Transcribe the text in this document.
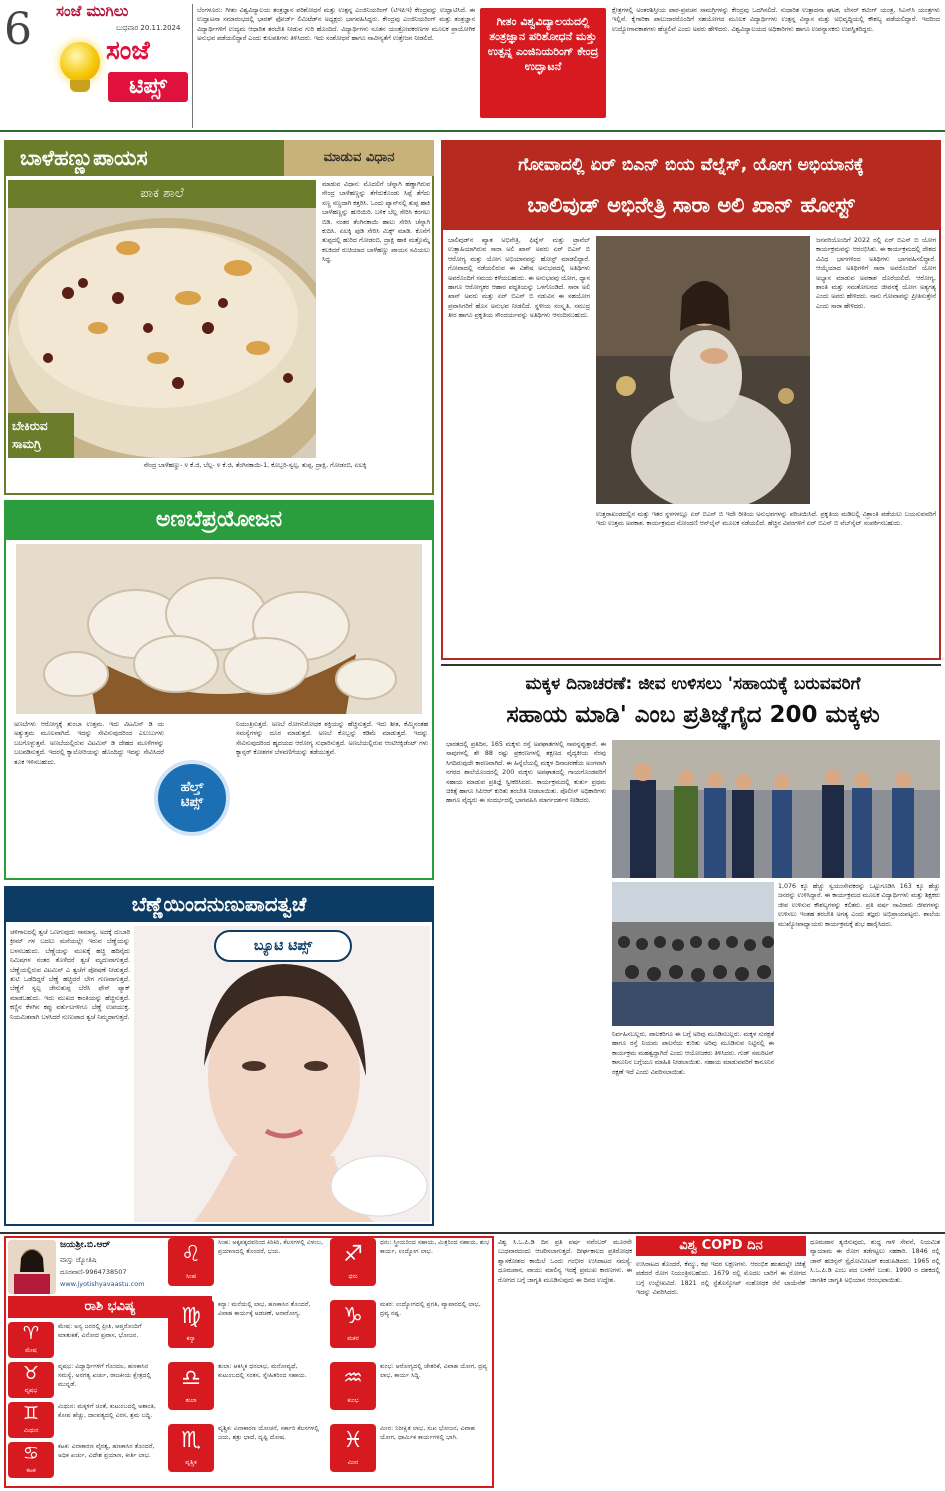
6 ಸಂಜೆ ಮುಗಿಲು
ಬುಧವಾರ 20.11.2024
ಸಂಜೆ
ಟಿಪ್ಸ್
ಬೆಂಗಳೂರು: ಗೀತಂ ವಿಶ್ವವಿದ್ಯಾಲಯ ತಂತ್ರಜ್ಞಾನ ಪರಿಶೋಧನೆ ಮತ್ತು ಉತ್ಪನ್ನ ಎಂಜಿನಿಯರಿಂಗ್ (ಟಿಇಪಿಇ) ಕೇಂದ್ರವನ್ನು ಉದ್ಘಾಟಿಸಿದೆ. ಈ ಉದ್ಘಾಟನಾ ಸಮಾರಂಭದಲ್ಲಿ ಭಾರತ್ ಫೋರ್ಜ್ ಲಿಮಿಟೆಡ್‌ನ ಅಧ್ಯಕ್ಷರು ಭಾಗವಹಿಸಿದ್ದರು. ಕೇಂದ್ರವು ಎಂಜಿನಿಯರಿಂಗ್ ಮತ್ತು ತಂತ್ರಜ್ಞಾನ ವಿದ್ಯಾರ್ಥಿಗಳಿಗೆ ಉದ್ಯಮ ಆಧಾರಿತ ತರಬೇತಿ ನೀಡುವ ಗುರಿ ಹೊಂದಿದೆ. ವಿದ್ಯಾರ್ಥಿಗಳು ನೂತನ ಯಂತ್ರೋಪಕರಣಗಳ ಮೂಲಕ ಪ್ರಾಯೋಗಿಕ ಅನುಭವ ಪಡೆಯಲಿದ್ದಾರೆ ಎಂದು ಕುಲಪತಿಗಳು ತಿಳಿಸಿದರು. ಇದು ಸಂಶೋಧನೆ ಹಾಗೂ ನಾವೀನ್ಯತೆಗೆ ಉತ್ತೇಜನ ನೀಡಲಿದೆ.
ಗೀತಂ ವಿಶ್ವವಿದ್ಯಾಲಯದಲ್ಲಿ ತಂತ್ರಜ್ಞಾನ ಪರಿಶೋಧನೆ ಮತ್ತು ಉತ್ಪನ್ನ ಎಂಜಿನಿಯರಿಂಗ್ ಕೇಂದ್ರ ಉದ್ಘಾಟನೆ
ಕ್ಷೇತ್ರಗಳಲ್ಲಿ ಅಂತರಶಿಸ್ತೀಯ ಪಾಠ-ಪ್ರವಚನ ಸಾಮಗ್ರಿಗಳನ್ನು ಕೇಂದ್ರವು ಒದಗಿಸಲಿದೆ. ಸುಧಾರಿತ ಉತ್ಪಾದನಾ ಘಟಕ, ಲೇಸರ್ ಕಟಿಂಗ್ ಯಂತ್ರ, ಸಿಎನ್‌ಸಿ ಯಂತ್ರಗಳು ಇಲ್ಲಿವೆ. ಕೈಗಾರಿಕಾ ಪಾಲುದಾರರೊಂದಿಗೆ ಸಹಯೋಗದ ಮೂಲಕ ವಿದ್ಯಾರ್ಥಿಗಳು ಉತ್ಪನ್ನ ವಿನ್ಯಾಸ ಮತ್ತು ಅಭಿವೃದ್ಧಿಯಲ್ಲಿ ಕೌಶಲ್ಯ ಪಡೆಯಲಿದ್ದಾರೆ. ಇದರಿಂದ ಉದ್ಯೋಗಾವಕಾಶಗಳು ಹೆಚ್ಚಲಿವೆ ಎಂದು ಅವರು ಹೇಳಿದರು. ವಿಶ್ವವಿದ್ಯಾಲಯದ ಅಧಿಕಾರಿಗಳು ಹಾಗೂ ಉಪನ್ಯಾಸಕರು ಉಪಸ್ಥಿತರಿದ್ದರು.
ಬಾಳೆಹಣ್ಣುಪಾಯಸ	ಮಾಡುವ ವಿಧಾನ
ಪಾಕ ಶಾಲೆ
ಬೇಕಿರುವ ಸಾಮಗ್ರಿ
ಮಾಡುವ ವಿಧಾನ: ಮೊದಲಿಗೆ ಚೆನ್ನಾಗಿ ಹಣ್ಣಾಗಿರುವ ನೇಂದ್ರ ಬಾಳೆಹಣ್ಣನ್ನು ತೆಗೆದುಕೊಂಡು ಸಿಪ್ಪೆ ತೆಗೆದು ಸಣ್ಣ ಸಣ್ಣದಾಗಿ ಕತ್ತರಿಸಿ. ಒಂದು ಪ್ಯಾನ್‌ನಲ್ಲಿ ತುಪ್ಪ ಹಾಕಿ ಬಾಳೆಹಣ್ಣನ್ನು ಹುರಿಯಿರಿ. ಬಳಿಕ ಬೆಲ್ಲ ಸೇರಿಸಿ ಕರಗಲು ಬಿಡಿ. ನಂತರ ತೆಂಗಿನಕಾಯಿ ಹಾಲು ಸೇರಿಸಿ ಚೆನ್ನಾಗಿ ಕುದಿಸಿ. ಏಲಕ್ಕಿ ಪುಡಿ ಸೇರಿಸಿ ಮಿಕ್ಸ್ ಮಾಡಿ. ಕೊನೆಗೆ ತುಪ್ಪದಲ್ಲಿ ಹುರಿದ ಗೋಡಂಬಿ, ದ್ರಾಕ್ಷಿ ಹಾಕಿ ಮತ್ತೊಮ್ಮೆ ಕಲಕಿದರೆ ರುಚಿಯಾದ ಬಾಳೆಹಣ್ಣು ಪಾಯಸ ಸವಿಯಲು ಸಿದ್ಧ.
ನೇಂದ್ರ ಬಾಳೆಹಣ್ಣು- ೪ ಕೆ.ಜಿ, ಬೆಲ್ಲ- ೪ ಕೆ.ಜಿ, ತೆಂಗಿನಕಾಯಿ-1, ಕೊಬ್ಬರಿ-ಸ್ವಲ್ಪ, ತುಪ್ಪ, ದ್ರಾಕ್ಷಿ, ಗೋಡಂಬಿ, ಏಲಕ್ಕಿ
ಗೋವಾದಲ್ಲಿ ಏರ್ ಬಿಎನ್ ಬಿಯ ವೆಲ್ನೆಸ್, ಯೋಗ ಅಭಿಯಾನಕ್ಕೆ
ಬಾಲಿವುಡ್ ಅಭಿನೇತ್ರಿ ಸಾರಾ ಅಲಿ ಖಾನ್ ಹೋಸ್ಟ್
ಬಾಲಿವುಡ್‌ನ ಖ್ಯಾತ ಅಭಿನೇತ್ರಿ, ಫಿಟ್ನೆಸ್ ಮತ್ತು ಟ್ರಾವೆಲ್ ಉತ್ಸಾಹಿಯಾಗಿರುವ ಸಾರಾ ಅಲಿ ಖಾನ್ ಅವರು ಏರ್ ಬಿಎನ್ ಬಿ ಆರೋಗ್ಯ ಮತ್ತು ಯೋಗ ಅಭಿಯಾನವನ್ನು ಹೋಸ್ಟ್ ಮಾಡಲಿದ್ದಾರೆ. ಗೋವಾದಲ್ಲಿ ನಡೆಯಲಿರುವ ಈ ವಿಶೇಷ ಅನುಭವದಲ್ಲಿ ಅತಿಥಿಗಳು ಅವರೊಂದಿಗೆ ಸಮಯ ಕಳೆಯಬಹುದು. ಈ ಅನುಭವವು ಯೋಗ, ಧ್ಯಾನ ಹಾಗೂ ಆರೋಗ್ಯಕರ ಆಹಾರ ಪದ್ಧತಿಯನ್ನು ಒಳಗೊಂಡಿದೆ. ಸಾರಾ ಅಲಿ ಖಾನ್ ಅವರು ಮತ್ತು ಏರ್ ಬಿಎನ್ ಬಿ ನಡುವಿನ ಈ ಸಹಯೋಗ ಪ್ರವಾಸಿಗರಿಗೆ ಹೊಸ ಅನುಭವ ನೀಡಲಿದೆ. ಸ್ಥಳೀಯ ಸಂಸ್ಕೃತಿ, ಸಮುದ್ರ ತೀರ ಹಾಗೂ ಪ್ರಕೃತಿಯ ಸೌಂದರ್ಯವನ್ನು ಅತಿಥಿಗಳು ಆನಂದಿಸಬಹುದು.
ಜನವರಿಯೊಂದಿಗೆ 2022 ರಲ್ಲಿ ಏರ್ ಬಿಎನ್ ಬಿ ಯೋಗ ಕಾರ್ಯಕ್ರಮವನ್ನು ಆರಂಭಿಸಿತು. ಈ ಕಾರ್ಯಕ್ರಮದಲ್ಲಿ ದೇಶದ ವಿವಿಧ ಭಾಗಗಳಿಂದ ಅತಿಥಿಗಳು ಭಾಗವಹಿಸಲಿದ್ದಾರೆ. ಆಯ್ಕೆಯಾದ ಅತಿಥಿಗಳಿಗೆ ಸಾರಾ ಅವರೊಂದಿಗೆ ಯೋಗ ಅಭ್ಯಾಸ ಮಾಡುವ ಅವಕಾಶ ದೊರೆಯಲಿದೆ. ಆರೋಗ್ಯ, ಶಾಂತಿ ಮತ್ತು ಸಮತೋಲನದ ಜೀವನಕ್ಕೆ ಯೋಗ ಅತ್ಯಗತ್ಯ ಎಂದು ಅವರು ಹೇಳಿದರು. ನಾನು ಗೋವಾವನ್ನು ಪ್ರೀತಿಸುತ್ತೇನೆ ಎಂದು ಸಾರಾ ಹೇಳಿದರು.
ಉತ್ತರಾಖಂಡದಲ್ಲಿನ ಮತ್ತು ಇತರ ಸ್ಥಳಗಳಲ್ಲೂ ಏರ್ ಬಿಎನ್ ಬಿ ಇದೇ ರೀತಿಯ ಅನುಭವಗಳನ್ನು ಪರಿಚಯಿಸಿದೆ. ಪ್ರಕೃತಿಯ ಮಡಿಲಲ್ಲಿ ವಿಶ್ರಾಂತಿ ಪಡೆಯಲು ಬಯಸುವವರಿಗೆ ಇದು ಉತ್ತಮ ಅವಕಾಶ. ಕಾರ್ಯಕ್ರಮದ ನೋಂದಣಿ ಆನ್‌ಲೈನ್ ಮೂಲಕ ನಡೆಯಲಿದೆ. ಹೆಚ್ಚಿನ ವಿವರಗಳಿಗೆ ಏರ್ ಬಿಎನ್ ಬಿ ವೆಬ್‌ಸೈಟ್ ಸಂಪರ್ಕಿಸಬಹುದು.
ಅಣಬೆಪ್ರಯೋಜನ
ಅಣಬೆಗಳು ಆರೋಗ್ಯಕ್ಕೆ ತುಂಬಾ ಉತ್ತಮ. ಇದು ವಿಟಮಿನ್ ಡಿ ಯ ಅತ್ಯುತ್ತಮ ಮೂಲವಾಗಿದೆ. ಇದನ್ನು ಸೇವಿಸುವುದರಿಂದ ಎಲುಬುಗಳು ಬಲಗೊಳ್ಳುತ್ತವೆ. ಅಣಬೆಯಲ್ಲಿರುವ ವಿಟಮಿನ್ ಡಿ ದೇಹದ ಮೂಳೆಗಳನ್ನು ಬಲಪಡಿಸುತ್ತದೆ. ಇದರಲ್ಲಿ ಕ್ಯಾಲೋರಿಯನ್ನು ಹೊಂದಿದ್ದು ಇದನ್ನು ಸೇವಿಸಿದರೆ ತೂಕ ಇಳಿಸಬಹುದು.
ಹೆಲ್ತ್
ಟಿಪ್ಸ್
ನಿಯಂತ್ರಿಸುತ್ತದೆ. ಅಣಬೆ ರೋಗನಿರೋಧಕ ಶಕ್ತಿಯನ್ನು ಹೆಚ್ಚಿಸುತ್ತದೆ. ಇದು ಶೀತ, ಕೆಮ್ಮಿನಂತಹ ಸಮಸ್ಯೆಗಳನ್ನು ದೂರ ಮಾಡುತ್ತದೆ. ಅಣಬೆ ಕೊಬ್ಬನ್ನು ಕಡಿಮೆ ಮಾಡುತ್ತದೆ. ಇದನ್ನು ಸೇವಿಸುವುದರಿಂದ ಹೃದಯದ ಆರೋಗ್ಯ ಸುಧಾರಿಸುತ್ತದೆ. ಅಣಬೆಯಲ್ಲಿರುವ ಆಂಟಿಆಕ್ಸಿಡೆಂಟ್ ಗಳು ಕ್ಯಾನ್ಸರ್ ಕೋಶಗಳ ಬೆಳವಣಿಗೆಯನ್ನು ತಡೆಯುತ್ತವೆ.
ಬೆಣ್ಣೆಯಿಂದನುಣುಪಾದತ್ವಚೆ
ಚಳಿಗಾಲದಲ್ಲಿ ತ್ವಚೆ ಒಣಗುವುದು ಸಾಮಾನ್ಯ. ಅದಕ್ಕೆ ದುಬಾರಿ ಕ್ರೀಮ್ ಗಳ ಬದಲು ಮನೆಯಲ್ಲೇ ಇರುವ ಬೆಣ್ಣೆಯನ್ನು ಬಳಸಬಹುದು. ಬೆಣ್ಣೆಯನ್ನು ಮುಖಕ್ಕೆ ಹಚ್ಚಿ ಹದಿನೈದು ನಿಮಿಷಗಳ ನಂತರ ತೊಳೆದರೆ ತ್ವಚೆ ಮೃದುವಾಗುತ್ತದೆ. ಬೆಣ್ಣೆಯಲ್ಲಿರುವ ವಿಟಮಿನ್ ಎ ತ್ವಚೆಗೆ ಪೋಷಣೆ ನೀಡುತ್ತದೆ. ತುಟಿ ಒಡೆದಿದ್ದರೆ ಬೆಣ್ಣೆ ಹಚ್ಚಿದರೆ ಬೇಗ ಗುಣವಾಗುತ್ತದೆ. ಬೆಣ್ಣೆಗೆ ಸ್ವಲ್ಪ ಜೇನುತುಪ್ಪ ಬೆರೆಸಿ ಫೇಸ್ ಪ್ಯಾಕ್ ಮಾಡಬಹುದು. ಇದು ಮುಖದ ಕಾಂತಿಯನ್ನು ಹೆಚ್ಚಿಸುತ್ತದೆ. ಕಣ್ಣಿನ ಕೆಳಗಿನ ಕಪ್ಪು ವರ್ತುಲಗಳಿಗೂ ಬೆಣ್ಣೆ ಉಪಯುಕ್ತ. ನಿಯಮಿತವಾಗಿ ಬಳಸಿದರೆ ನುಣುಪಾದ ತ್ವಚೆ ನಿಮ್ಮದಾಗುತ್ತದೆ.
ಬ್ಯೂಟಿ ಟಿಪ್ಸ್
ಮಕ್ಕಳ ದಿನಾಚರಣೆ: ಜೀವ ಉಳಿಸಲು 'ಸಹಾಯಕ್ಕೆ ಬರುವವರಿಗೆ
ಸಹಾಯ ಮಾಡಿ' ಎಂಬ ಪ್ರತಿಜ್ಞೆಗೈದ 200 ಮಕ್ಕಳು
ಭಾರತದಲ್ಲಿ ಪ್ರತಿದಿನ, 165 ಮಕ್ಕಳು ರಸ್ತೆ ಅಪಘಾತಗಳಲ್ಲಿ ಸಾವನ್ನಪ್ಪುತ್ತಾರೆ. ಈ ಸಾವುಗಳಲ್ಲಿ ಶೇ 88 ರಷ್ಟು ಪ್ರಕರಣಗಳಲ್ಲಿ ತಕ್ಷಣದ ವೈದ್ಯಕೀಯ ನೆರವು ಸಿಗದಿರುವುದೇ ಕಾರಣವಾಗಿದೆ. ಈ ಹಿನ್ನೆಲೆಯಲ್ಲಿ ಮಕ್ಕಳ ದಿನಾಚರಣೆಯ ಅಂಗವಾಗಿ ನಗರದ ಶಾಲೆಯೊಂದರಲ್ಲಿ 200 ಮಕ್ಕಳು ಅಪಘಾತದಲ್ಲಿ ಗಾಯಗೊಂಡವರಿಗೆ ಸಹಾಯ ಮಾಡುವ ಪ್ರತಿಜ್ಞೆ ಸ್ವೀಕರಿಸಿದರು. ಕಾರ್ಯಕ್ರಮದಲ್ಲಿ ತುರ್ತು ಪ್ರಥಮ ಚಿಕಿತ್ಸೆ ಹಾಗೂ ಸಿಪಿಆರ್ ಕುರಿತು ತರಬೇತಿ ನೀಡಲಾಯಿತು. ಪೊಲೀಸ್ ಅಧಿಕಾರಿಗಳು ಹಾಗೂ ವೈದ್ಯರು ಈ ಸಂದರ್ಭದಲ್ಲಿ ಭಾಗವಹಿಸಿ ಮಾರ್ಗದರ್ಶನ ನೀಡಿದರು.
1,076 ಕ್ಕೂ ಹೆಚ್ಚು ಸ್ವಯಂಸೇವಕರನ್ನು ಒಟ್ಟುಗೂಡಿಸಿ 163 ಕ್ಕೂ ಹೆಚ್ಚು ಜನರನ್ನು ಉಳಿಸಿದ್ದಾರೆ. ಈ ಕಾರ್ಯಕ್ರಮದ ಮೂಲಕ ವಿದ್ಯಾರ್ಥಿಗಳು ಮತ್ತು ಶಿಕ್ಷಕರು ಜೀವ ಉಳಿಸುವ ಕೌಶಲ್ಯಗಳನ್ನು ಕಲಿತರು. ಪ್ರತಿ ವರ್ಷ ಸಾವಿರಾರು ಜೀವಗಳನ್ನು ಉಳಿಸಲು ಇಂತಹ ತರಬೇತಿ ಅಗತ್ಯ ಎಂದು ತಜ್ಞರು ಅಭಿಪ್ರಾಯಪಟ್ಟರು. ಶಾಲೆಯ ಮುಖ್ಯೋಪಾಧ್ಯಾಯರು ಕಾರ್ಯಕ್ರಮಕ್ಕೆ ಶುಭ ಹಾರೈಸಿದರು.
ನಿರ್ವಹಿಸಬಲ್ಲರು, ಪಾಲಕರಿಗೂ ಈ ಬಗ್ಗೆ ಅರಿವು ಮೂಡಿಸಬಲ್ಲರು. ಮಕ್ಕಳ ಸುರಕ್ಷತೆ ಹಾಗೂ ರಸ್ತೆ ನಿಯಮ ಪಾಲನೆಯ ಕುರಿತು ಅರಿವು ಮೂಡಿಸುವ ನಿಟ್ಟಿನಲ್ಲಿ ಈ ಕಾರ್ಯಕ್ರಮ ಮಹತ್ವದ್ದಾಗಿದೆ ಎಂದು ಆಯೋಜಕರು ತಿಳಿಸಿದರು. ಗುಡ್ ಸಮರಿಟನ್ ಕಾನೂನಿನ ಬಗ್ಗೆಯೂ ಮಾಹಿತಿ ನೀಡಲಾಯಿತು. ಸಹಾಯ ಮಾಡುವವರಿಗೆ ಕಾನೂನಿನ ರಕ್ಷಣೆ ಇದೆ ಎಂದು ವಿವರಿಸಲಾಯಿತು.
ಜಯಶ್ರೀ.ಬಿ.ಆರ್
ವಾಸ್ತು ಜ್ಯೋತಿಷಿ
ದೂರವಾಣಿ-9964738507
www.jyotishyavaastu.com
ರಾಶಿ ಭವಿಷ್ಯ
♈
ಮೇಷ
ಮೇಷ: ಅನ್ಯ ಜನರಲ್ಲಿ ಪ್ರೀತಿ, ಆಪ್ತರೊಂದಿಗೆ ಮಾತುಕತೆ, ವಿನೋದ ಪ್ರವಾಸ, ಭೋಜನ.
♉
ವೃಷಭ
ವೃಷಭ: ವಿದ್ಯಾರ್ಥಿಗಳಿಗೆ ಗೊಂದಲ, ಹಣಕಾಸಿನ ಸಮಸ್ಯೆ, ಅನಗತ್ಯ ಖರ್ಚು, ರಾಜಕೀಯ ಕ್ಷೇತ್ರದಲ್ಲಿ ಮುನ್ನಡೆ.
♊
ಮಿಥುನ
ಮಿಥುನ: ಮಕ್ಕಳಿಗೆ ಚಿಂತೆ, ಕುಟುಂಬದಲ್ಲಿ ಅಶಾಂತಿ, ಕೋಪ ಹೆಚ್ಚು, ದಾಂಪತ್ಯದಲ್ಲಿ ವಿರಸ, ಶ್ರಮ ಬದ್ಧಿ.
♋
ಕಟಕ
ಕಟಕ: ವಿನಾಕಾರಣ ವೈರತ್ವ, ಹಣಕಾಸಿನ ತೊಂದರೆ, ಅಧಿಕ ಖರ್ಚು, ವಿದೇಶ ಪ್ರಯಾಣ, ಕೀರ್ತಿ ಲಾಭ.
♌
ಸಿಂಹ
ಸಿಂಹ: ಅಕ್ಕಪಕ್ಕದವರಿಂದ ಕಿರಿಕಿರಿ, ಕೆಲಸಗಳಲ್ಲಿ ವಿಳಂಬ, ಪ್ರಯಾಣದಲ್ಲಿ ತೊಂದರೆ, ಭಯ.
♍
ಕನ್ಯಾ
ಕನ್ಯಾ: ಮನೆಯಲ್ಲಿ ಲಾಭ, ಹಣಕಾಸಿನ ತೊಂದರೆ, ವಿವಾಹ ಕಾರ್ಯಕ್ಕೆ ಅಡಚಣೆ, ಅನಾರೋಗ್ಯ.
♎
ತುಲಾ
ತುಲಾ: ಆಕಸ್ಮಿಕ ಧನಲಾಭ, ಮನೋವ್ಯಥೆ, ಕುಟುಂಬದಲ್ಲಿ ಸಂತಸ, ಸ್ನೇಹಿತರಿಂದ ಸಹಾಯ.
♏
ವೃಶ್ಚಿಕ
ವೃಶ್ಚಿಕ: ವಿನಾಕಾರಣ ಯೋಚನೆ, ಸರ್ಕಾರಿ ಕೆಲಸಗಳಲ್ಲಿ ಜಯ, ಶತ್ರು ಭಾದೆ, ದೃಷ್ಟಿ ದೋಷ.
♐
ಧನು
ಧನು: ಸ್ತ್ರೀಯರಿಂದ ಸಹಾಯ, ಮಿತ್ರರಿಂದ ಸಹಾಯ, ಶುಭ ಕಾರ್ಯ, ಉದ್ಯೋಗ ಲಾಭ.
♑
ಮಕರ
ಮಕರ: ಉದ್ಯೋಗದಲ್ಲಿ ಪ್ರಗತಿ, ವ್ಯಾಪಾರದಲ್ಲಿ ಲಾಭ, ದ್ರವ್ಯ ನಷ್ಟ.
♒
ಕುಂಭ
ಕುಂಭ: ಆರೋಗ್ಯದಲ್ಲಿ ಚೇತರಿಕೆ, ವಿವಾಹ ಯೋಗ, ದ್ರವ್ಯ ಲಾಭ, ಕಾರ್ಯ ಸಿದ್ಧಿ.
♓
ಮೀನ
ಮೀನ: ನಿರೀಕ್ಷಿತ ಲಾಭ, ಸುಖ ಭೋಜನ, ವಿವಾಹ ಯೋಗ, ಧಾರ್ಮಿಕ ಕಾರ್ಯಗಳಲ್ಲಿ ಭಾಗಿ.
ವಿಶ್ವ ಸಿ.ಒ.ಪಿ.ಡಿ ದಿನ ಪ್ರತಿ ವರ್ಷ ನವೆಂಬರ್ ಮೂರನೇ ಬುಧವಾರದಂದು ಆಚರಿಸಲಾಗುತ್ತದೆ. ದೀರ್ಘಕಾಲದ ಪ್ರತಿರೋಧಕ ಶ್ವಾಸಕೋಶದ ಕಾಯಿಲೆ ಒಂದು ಗಂಭೀರ ಉಸಿರಾಟದ ಸಮಸ್ಯೆ. ಧೂಮಪಾನ, ವಾಯು ಮಾಲಿನ್ಯ ಇದಕ್ಕೆ ಪ್ರಮುಖ ಕಾರಣಗಳು. ಈ ರೋಗದ ಬಗ್ಗೆ ಜಾಗೃತಿ ಮೂಡಿಸುವುದು ಈ ದಿನದ ಉದ್ದೇಶ.
ವಿಶ್ವ COPD ದಿನ
ಉಸಿರಾಟದ ತೊಂದರೆ, ಕೆಮ್ಮು, ಕಫ ಇದರ ಲಕ್ಷಣಗಳು. ಆರಂಭಿಕ ಹಂತದಲ್ಲೇ ಚಿಕಿತ್ಸೆ ಪಡೆದರೆ ರೋಗ ನಿಯಂತ್ರಿಸಬಹುದು. 1679 ರಲ್ಲಿ ಮೊದಲ ಬಾರಿಗೆ ಈ ರೋಗದ ಬಗ್ಗೆ ಉಲ್ಲೇಖವಿದೆ. 1821 ರಲ್ಲಿ ಸ್ಟೆತೊಸ್ಕೋಪ್ ಸಂಶೋಧಕ ರೆನೆ ಲಾಯೆನೆಕ್ ಇದನ್ನು ವಿವರಿಸಿದರು.
ಧೂಮಪಾನ ತ್ಯಜಿಸುವುದು, ಶುದ್ಧ ಗಾಳಿ ಸೇವನೆ, ನಿಯಮಿತ ವ್ಯಾಯಾಮ ಈ ರೋಗ ತಡೆಗಟ್ಟಲು ಸಹಕಾರಿ. 1846 ರಲ್ಲಿ ಜಾನ್ ಹಚಿನ್ಸನ್ ಸ್ಪೈರೋಮೀಟರ್ ಕಂಡುಹಿಡಿದರು. 1965 ರಲ್ಲಿ ಸಿ.ಒ.ಪಿ.ಡಿ ಎಂಬ ಪದ ಬಳಕೆಗೆ ಬಂತು. 1990 ರ ದಶಕದಲ್ಲಿ ಜಾಗತಿಕ ಜಾಗೃತಿ ಅಭಿಯಾನ ಆರಂಭವಾಯಿತು.
